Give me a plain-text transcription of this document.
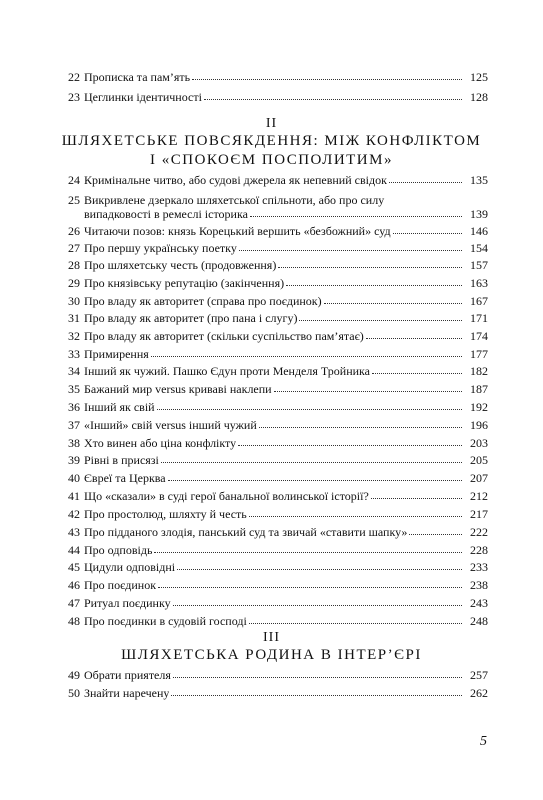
22 Прописка та пам’ять	125
23 Цеглинки ідентичності	128
II
ШЛЯХЕТСЬКЕ ПОВСЯКДЕННЯ: МІЖ КОНФЛІКТОМ
І «СПОКОЄМ ПОСПОЛИТИМ»
24 Кримінальне читво, або судові джерела як непевний свідок	135
25 Викривлене дзеркало шляхетської спільноти, або про силу
випадковості в ремеслі історика	139
26 Читаючи позов: князь Корецький вершить «безбожний» суд	146
27 Про першу українську поетку	154
28 Про шляхетську честь (продовження)	157
29 Про князівську репутацію (закінчення)	163
30 Про владу як авторитет (справа про поєдинок)	167
31 Про владу як авторитет (про пана і слугу)	171
32 Про владу як авторитет (скільки суспільство пам’ятає)	174
33 Примирення	177
34 Інший як чужий. Пашко Єдун проти Менделя Тройника	182
35 Бажаний мир versus криваві наклепи	187
36 Інший як свій	192
37 «Інший» свій versus інший чужий	196
38 Хто винен або ціна конфлікту	203
39 Рівні в присязі	205
40 Євреї та Церква	207
41 Що «сказали» в суді герої банальної волинської історії?	212
42 Про простолюд, шляхту й честь	217
43 Про підданого злодія, панський суд та звичай «ставити шапку»	222
44 Про одповідь	228
45 Цидули одповідні	233
46 Про поєдинок	238
47 Ритуал поєдинку	243
48 Про поєдинки в судовій господі	248
III
ШЛЯХЕТСЬКА РОДИНА В ІНТЕР’ЄРІ
49 Обрати приятеля	257
50 Знайти наречену	262
5
